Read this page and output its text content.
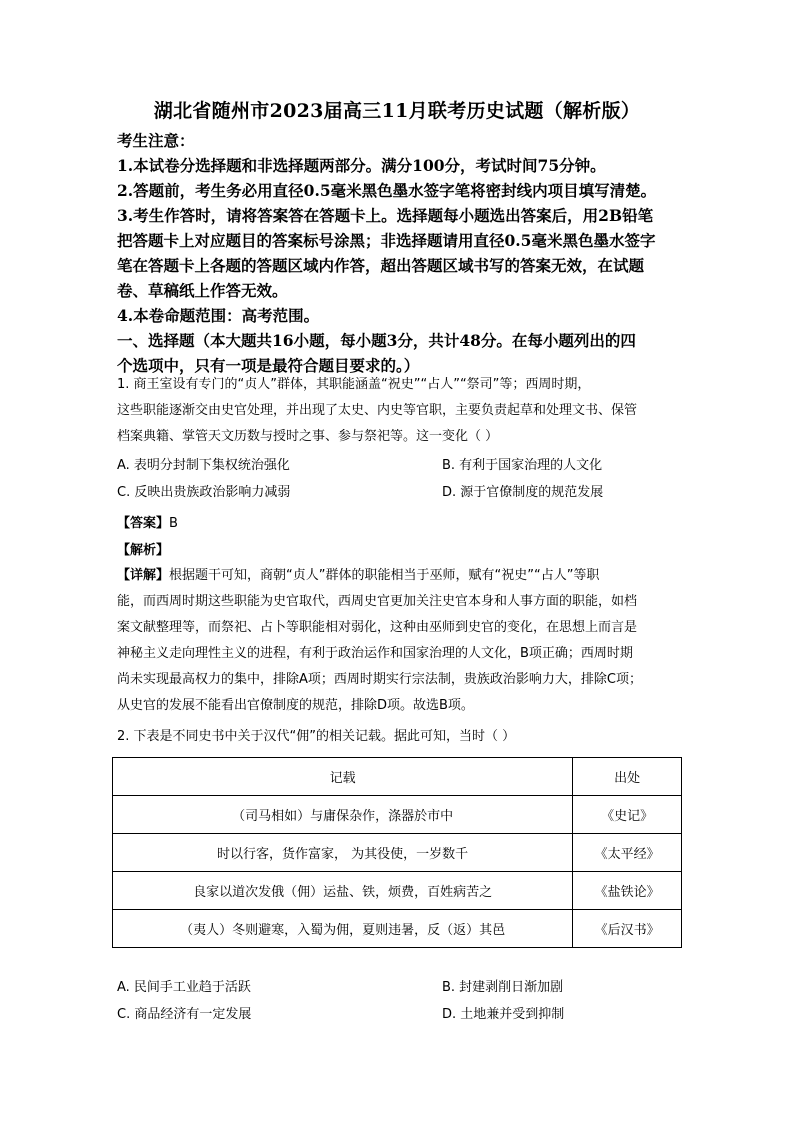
湖北省随州市2023届高三11月联考历史试题（解析版）
考生注意：
1.本试卷分选择题和非选择题两部分。满分100分，考试时间75分钟。
2.答题前，考生务必用直径0.5毫米黑色墨水签字笔将密封线内项目填写清楚。
3.考生作答时，请将答案答在答题卡上。选择题每小题选出答案后，用2B铅笔
把答题卡上对应题目的答案标号涂黑；非选择题请用直径0.5毫米黑色墨水签字
笔在答题卡上各题的答题区域内作答，超出答题区域书写的答案无效，在试题
卷、草稿纸上作答无效。
4.本卷命题范围：高考范围。
一、选择题（本大题共16小题，每小题3分，共计48分。在每小题列出的四
个选项中，只有一项是最符合题目要求的。）
1. 商王室设有专门的“贞人”群体，其职能涵盖“祝史”“占人”“祭司”等；西周时期，
这些职能逐渐交由史官处理，并出现了太史、内史等官职，主要负责起草和处理文书、保管
档案典籍、掌管天文历数与授时之事、参与祭祀等。这一变化（ ）
A. 表明分封制下集权统治强化	B. 有利于国家治理的人文化
C. 反映出贵族政治影响力减弱	D. 源于官僚制度的规范发展
【答案】B
【解析】
【详解】根据题干可知，商朝“贞人”群体的职能相当于巫师，赋有“祝史”“占人”等职
能，而西周时期这些职能为史官取代，西周史官更加关注史官本身和人事方面的职能，如档
案文献整理等，而祭祀、占卜等职能相对弱化，这种由巫师到史官的变化，在思想上而言是
神秘主义走向理性主义的进程，有利于政治运作和国家治理的人文化，B项正确；西周时期
尚未实现最高权力的集中，排除A项；西周时期实行宗法制，贵族政治影响力大，排除C项；
从史官的发展不能看出官僚制度的规范，排除D项。故选B项。
2. 下表是不同史书中关于汉代“佣”的相关记载。据此可知，当时（ ）
记载	出处
（司马相如）与庸保杂作，涤器於市中	《史记》
时以行客，货作富家， 为其役使，一岁数千	《太平经》
良家以道次发俄（佣）运盐、铁，烦费，百姓病苦之	《盐铁论》
（夷人）冬则避寒，入蜀为佣，夏则违暑，反（返）其邑	《后汉书》
A. 民间手工业趋于活跃	B. 封建剥削日渐加剧
C. 商品经济有一定发展	D. 土地兼并受到抑制
